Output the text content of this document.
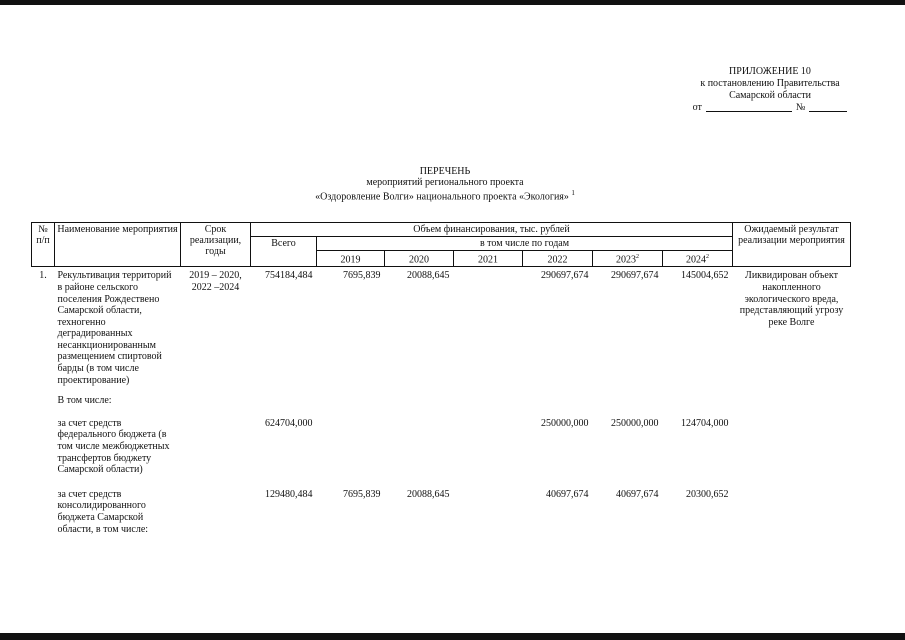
ПРИЛОЖЕНИЕ 10
к постановлению Правительства
Самарской области
от	№
ПЕРЕЧЕНЬ
мероприятий регионального проекта
«Оздоровление Волги» национального проекта «Экология» $^1$
№ п/п	Наименование мероприятия	Срок реализации, годы	Объем финансирования, тыс. рублей							Ожидаемый результат реализации мероприятия
			Всего	в том числе по годам						
				2019	2020	2021	2022	2023$^2$	2024$^2$
1.	Рекультивация территорий в районе сельского поселения Рождествено Самарской области, техногенно деградированных несанкционированным размещением спиртовой барды (в том числе проектирование)	2019 – 2020, 2022 –2024	754184,484	7695,839	20088,645		290697,674	290697,674	145004,652	Ликвидирован объект накопленного экологического вреда, представляющий угрозу реке Волге
	В том числе:									
	за счет средств федерального бюджета (в том числе межбюджетных трансфертов бюджету Самарской области)		624704,000				250000,000	250000,000	124704,000	
	за счет средств консолидированного бюджета Самарской области, в том числе:		129480,484	7695,839	20088,645		40697,674	40697,674	20300,652	
